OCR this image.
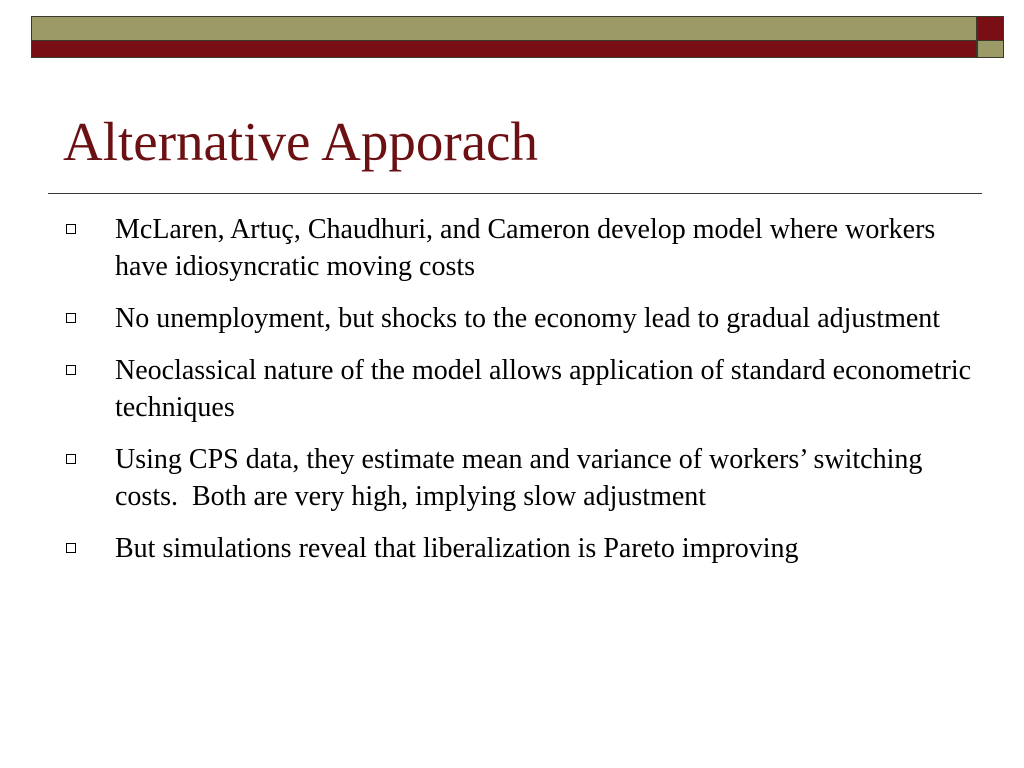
Alternative Apporach
McLaren, Artuç, Chaudhuri, and Cameron develop model where workers have idiosyncratic moving costs
No unemployment, but shocks to the economy lead to gradual adjustment
Neoclassical nature of the model allows application of standard econometric techniques
Using CPS data, they estimate mean and variance of workers’ switching costs.  Both are very high, implying slow adjustment
But simulations reveal that liberalization is Pareto improving
